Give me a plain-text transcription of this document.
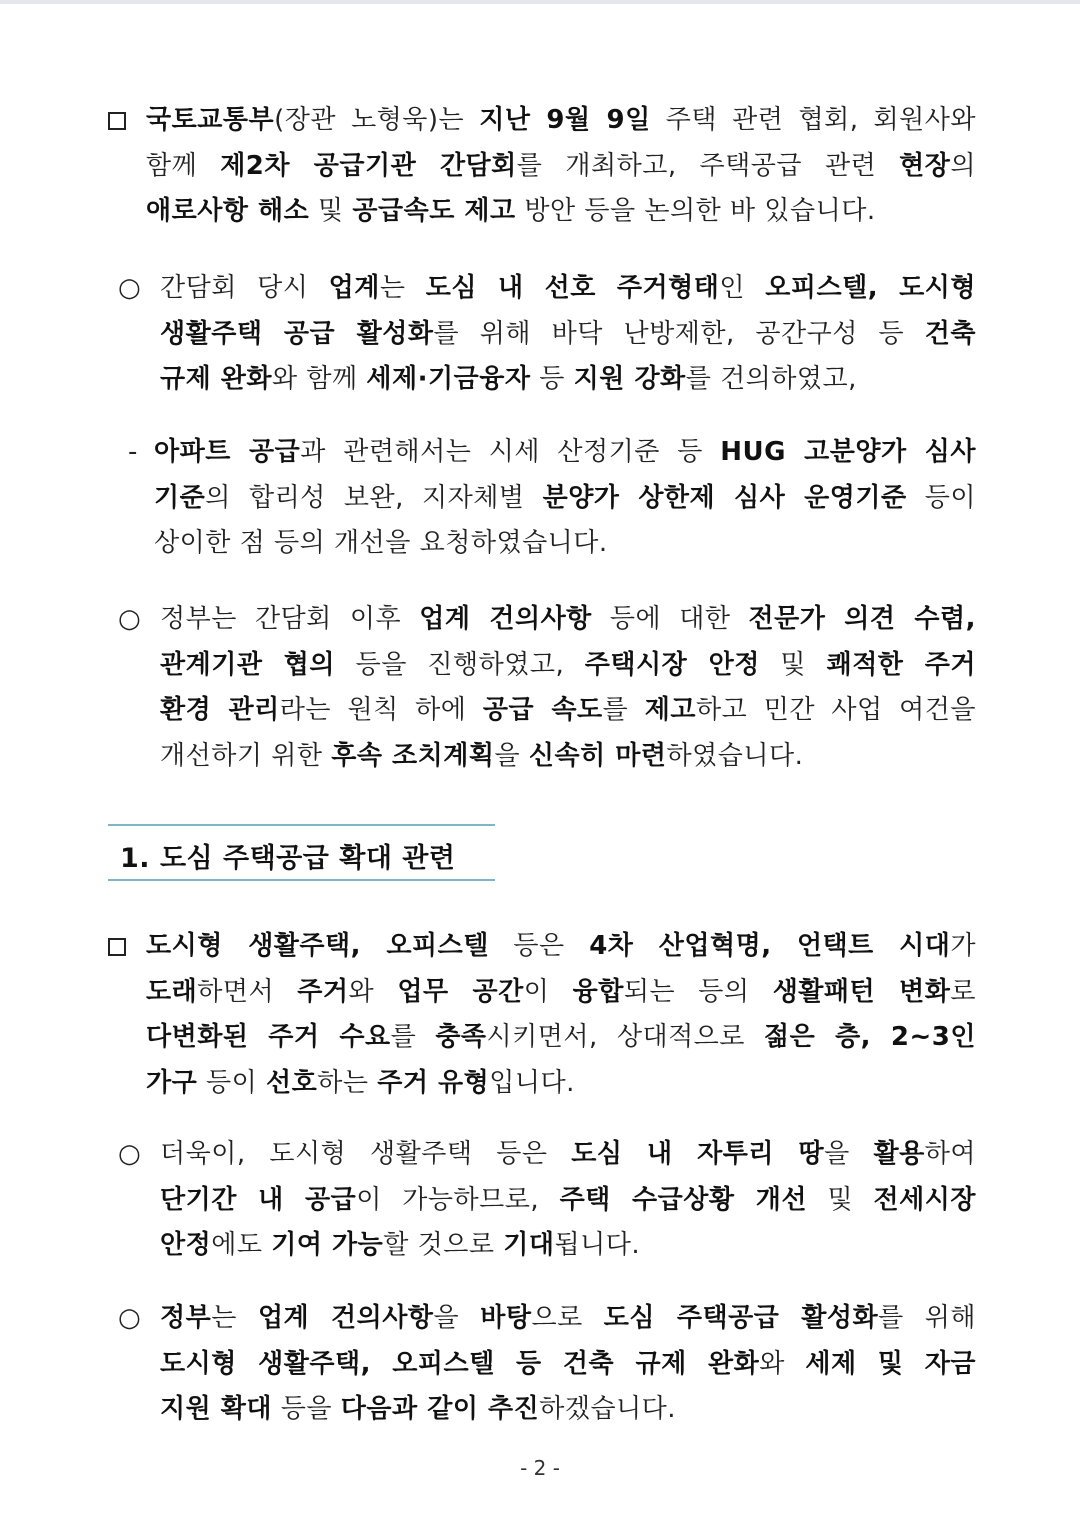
국토교통부(장관 노형욱)는 지난 9월 9일 주택 관련 협회, 회원사와
함께 제2차 공급기관 간담회를 개최하고, 주택공급 관련 현장의
애로사항 해소 및 공급속도 제고 방안 등을 논의한 바 있습니다.
○ 간담회 당시 업계는 도심 내 선호 주거형태인 오피스텔, 도시형
생활주택 공급 활성화를 위해 바닥 난방제한, 공간구성 등 건축
규제 완화와 함께 세제·기금융자 등 지원 강화를 건의하였고,
- 아파트 공급과 관련해서는 시세 산정기준 등 HUG 고분양가 심사
기준의 합리성 보완, 지자체별 분양가 상한제 심사 운영기준 등이
상이한 점 등의 개선을 요청하였습니다.
○ 정부는 간담회 이후 업계 건의사항 등에 대한 전문가 의견 수렴,
관계기관 협의 등을 진행하였고, 주택시장 안정 및 쾌적한 주거
환경 관리라는 원칙 하에 공급 속도를 제고하고 민간 사업 여건을
개선하기 위한 후속 조치계획을 신속히 마련하였습니다.
1. 도심 주택공급 확대 관련
도시형 생활주택, 오피스텔 등은 4차 산업혁명, 언택트 시대가
도래하면서 주거와 업무 공간이 융합되는 등의 생활패턴 변화로
다변화된 주거 수요를 충족시키면서, 상대적으로 젊은 층, 2~3인
가구 등이 선호하는 주거 유형입니다.
○ 더욱이, 도시형 생활주택 등은 도심 내 자투리 땅을 활용하여
단기간 내 공급이 가능하므로, 주택 수급상황 개선 및 전세시장
안정에도 기여 가능할 것으로 기대됩니다.
○ 정부는 업계 건의사항을 바탕으로 도심 주택공급 활성화를 위해
도시형 생활주택, 오피스텔 등 건축 규제 완화와 세제 및 자금
지원 확대 등을 다음과 같이 추진하겠습니다.
- 2 -
